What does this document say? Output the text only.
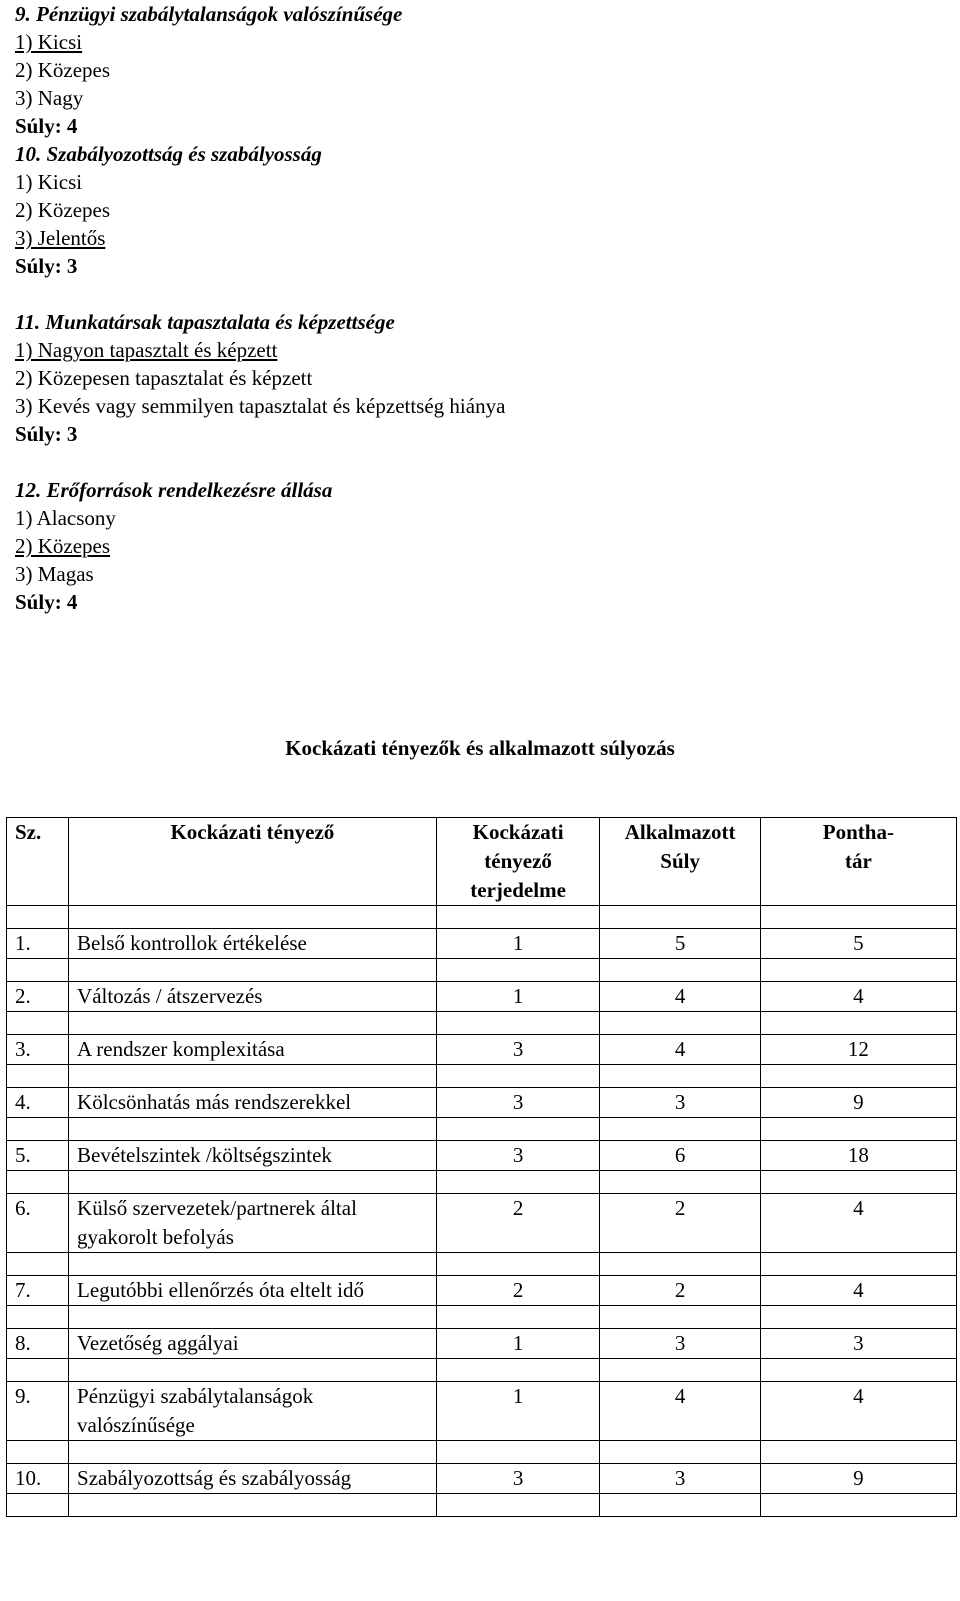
9. Pénzügyi szabálytalanságok valószínűsége
1) Kicsi
2) Közepes
3) Nagy
Súly: 4
10. Szabályozottság és szabályosság
1) Kicsi
2) Közepes
3) Jelentős
Súly: 3
11. Munkatársak tapasztalata és képzettsége
1) Nagyon tapasztalt és képzett
2) Közepesen tapasztalat és képzett
3) Kevés vagy semmilyen tapasztalat és képzettség hiánya
Súly: 3
12. Erőforrások rendelkezésre állása
1) Alacsony
2) Közepes
3) Magas
Súly: 4
Kockázati tényezők és alkalmazott súlyozás
Sz.	Kockázati tényező	Kockázati tényező terjedelme	Alkalmazott Súly	Pontha-tár

1.	Belső kontrollok értékelése	1	5	5

2.	Változás / átszervezés	1	4	4

3.	A rendszer komplexitása	3	4	12

4.	Kölcsönhatás más rendszerekkel	3	3	9

5.	Bevételszintek /költségszintek	3	6	18

6.	Külső szervezetek/partnerek által gyakorolt befolyás	2	2	4

7.	Legutóbbi ellenőrzés óta eltelt idő	2	2	4

8.	Vezetőség aggályai	1	3	3

9.	Pénzügyi szabálytalanságok valószínűsége	1	4	4

10.	Szabályozottság és szabályosság	3	3	9
